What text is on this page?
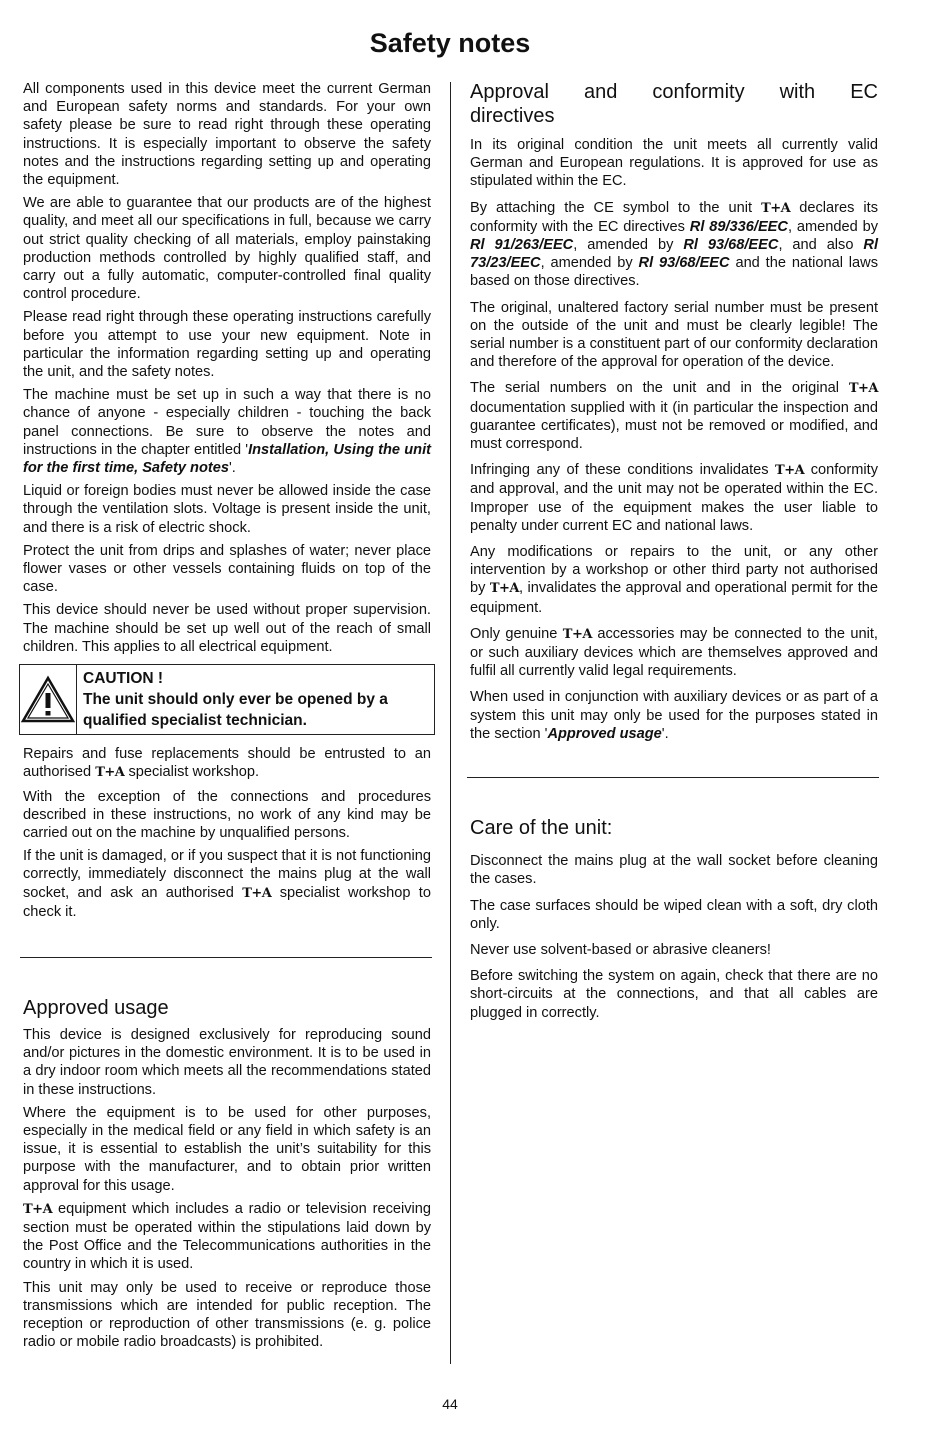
Safety notes

All components used in this device meet the current German and European safety norms and standards. For your own safety please be sure to read right through these operating instructions. It is especially important to observe the safety notes and the instructions regarding setting up and operating the equipment.

We are able to guarantee that our products are of the highest quality, and meet all our specifications in full, because we carry out strict quality checking of all materials, employ painstaking production methods controlled by highly qualified staff, and carry out a fully automatic, computer-controlled final quality control procedure.

Please read right through these operating instructions carefully before you attempt to use your new equipment. Note in particular the information regarding setting up and operating the unit, and the safety notes.

The machine must be set up in such a way that there is no chance of anyone - especially children - touching the back panel connections. Be sure to observe the notes and instructions in the chapter entitled 'Installation, Using the unit for the first time, Safety notes'.

Liquid or foreign bodies must never be allowed inside the case through the ventilation slots. Voltage is present inside the unit, and there is a risk of electric shock.

Protect the unit from drips and splashes of water; never place flower vases or other vessels containing fluids on top of the case.

This device should never be used without proper supervision. The machine should be set up well out of the reach of small children. This applies to all electrical equipment.

CAUTION !
The unit should only ever be opened by a qualified specialist technician.

Repairs and fuse replacements should be entrusted to an authorised T+A specialist workshop.

With the exception of the connections and procedures described in these instructions, no work of any kind may be carried out on the machine by unqualified persons.

If the unit is damaged, or if you suspect that it is not functioning correctly, immediately disconnect the mains plug at the wall socket, and ask an authorised T+A specialist workshop to check it.

Approved usage

This device is designed exclusively for reproducing sound and/or pictures in the domestic environment. It is to be used in a dry indoor room which meets all the recommendations stated in these instructions.

Where the equipment is to be used for other purposes, especially in the medical field or any field in which safety is an issue, it is essential to establish the unit’s suitability for this purpose with the manufacturer, and to obtain prior written approval for this usage.

T+A equipment which includes a radio or television receiving section must be operated within the stipulations laid down by the Post Office and the Telecommunications authorities in the country in which it is used.

This unit may only be used to receive or reproduce those transmissions which are intended for public reception. The reception or reproduction of other transmissions (e. g. police radio or mobile radio broadcasts) is prohibited.

Approval and conformity with EC directives

In its original condition the unit meets all currently valid German and European regulations. It is approved for use as stipulated within the EC.

By attaching the CE symbol to the unit T+A declares its conformity with the EC directives Rl 89/336/EEC, amended by Rl 91/263/EEC, amended by Rl 93/68/EEC, and also Rl 73/23/EEC, amended by Rl 93/68/EEC and the national laws based on those directives.

The original, unaltered factory serial number must be present on the outside of the unit and must be clearly legible! The serial number is a constituent part of our conformity declaration and therefore of the approval for operation of the device.

The serial numbers on the unit and in the original T+A documentation supplied with it (in particular the inspection and guarantee certificates), must not be removed or modified, and must correspond.

Infringing any of these conditions invalidates T+A conformity and approval, and the unit may not be operated within the EC. Improper use of the equipment makes the user liable to penalty under current EC and national laws.

Any modifications or repairs to the unit, or any other intervention by a workshop or other third party not authorised by T+A, invalidates the approval and operational permit for the equipment.

Only genuine T+A accessories may be connected to the unit, or such auxiliary devices which are themselves approved and fulfil all currently valid legal requirements.

When used in conjunction with auxiliary devices or as part of a system this unit may only be used for the purposes stated in the section 'Approved usage'.

Care of the unit:

Disconnect the mains plug at the wall socket before cleaning the cases.

The case surfaces should be wiped clean with a soft, dry cloth only.

Never use solvent-based or abrasive cleaners!

Before switching the system on again, check that there are no short-circuits at the connections, and that all cables are plugged in correctly.

44
